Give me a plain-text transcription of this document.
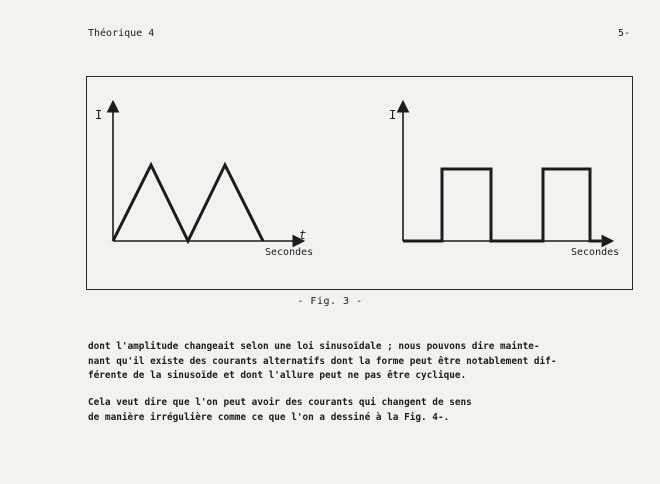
Théorique 4	5-
I
t
Secondes
I
Secondes
- Fig. 3 -
dont l'amplitude changeait selon une loi sinusoïdale ; nous pouvons dire mainte-
nant qu'il existe des courants alternatifs dont la forme peut être notablement dif-
férente de la sinusoïde et dont l'allure peut ne pas être cyclique.
Cela veut dire que l'on peut avoir des courants qui changent de sens
de manière irrégulière comme ce que l'on a dessiné à la Fig. 4-.
